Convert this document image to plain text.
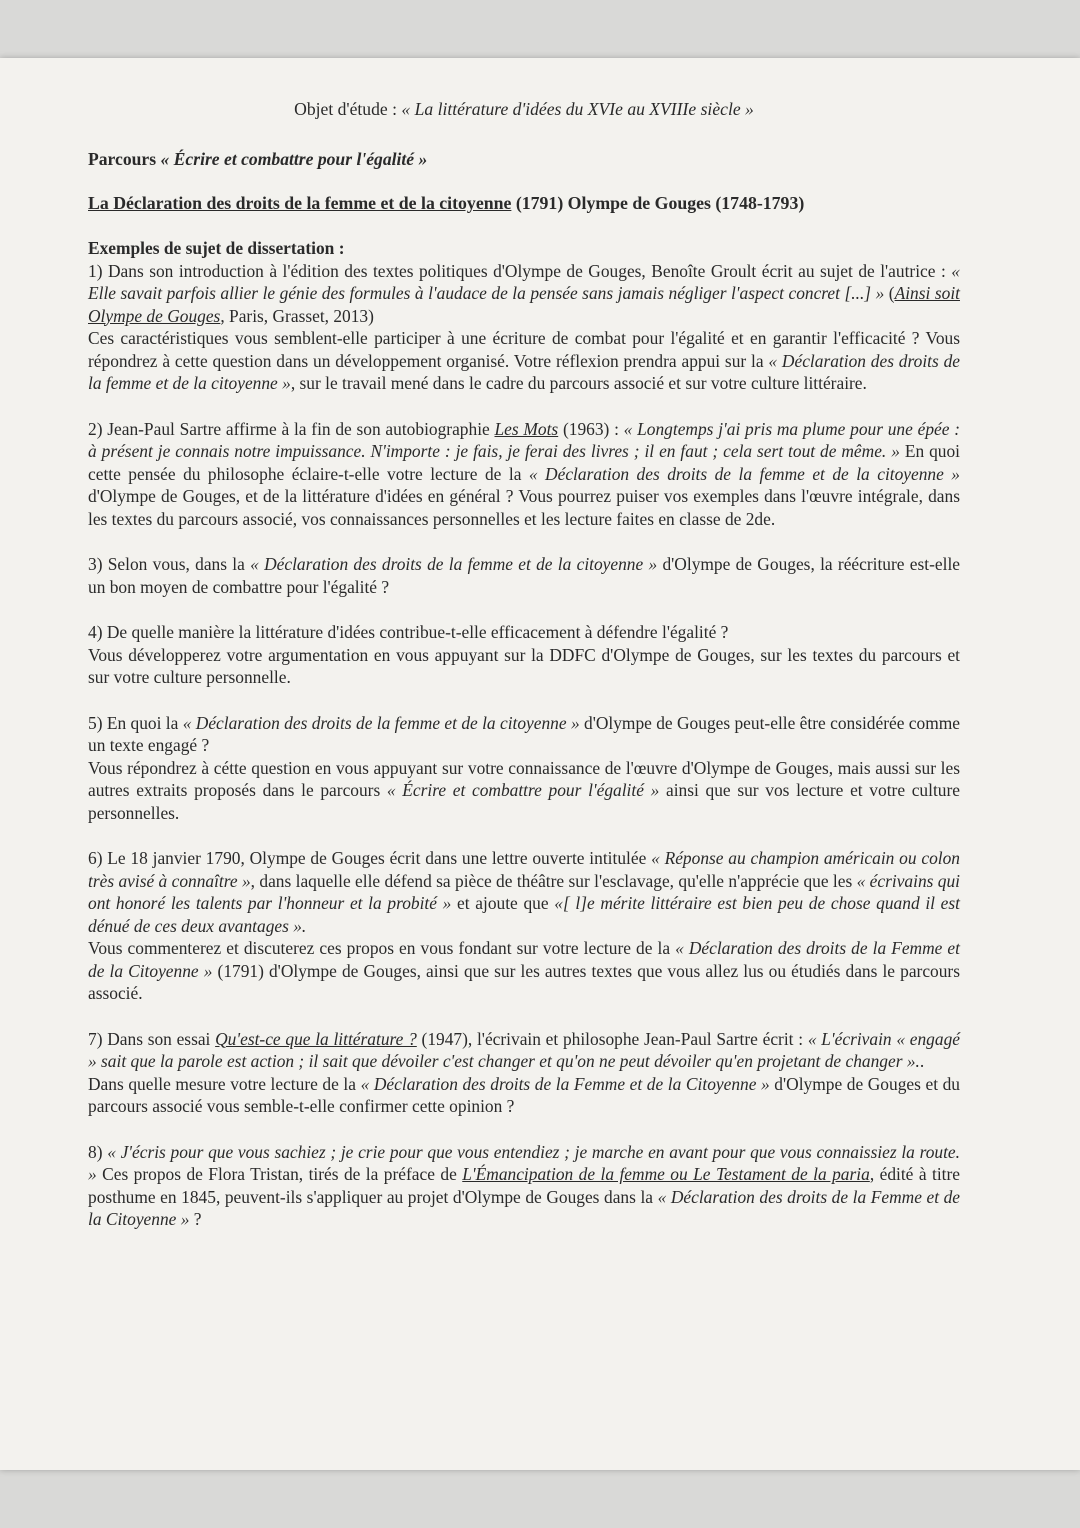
Objet d'étude : « La littérature d'idées du XVIe au XVIIIe siècle »

Parcours « Écrire et combattre pour l'égalité »

La Déclaration des droits de la femme et de la citoyenne (1791) Olympe de Gouges (1748-1793)

Exemples de sujet de dissertation :

1) Dans son introduction à l'édition des textes politiques d'Olympe de Gouges, Benoîte Groult écrit au sujet de l'autrice : « Elle savait parfois allier le génie des formules à l'audace de la pensée sans jamais négliger l'aspect concret [...] » (Ainsi soit Olympe de Gouges, Paris, Grasset, 2013)
Ces caractéristiques vous semblent-elle participer à une écriture de combat pour l'égalité et en garantir l'efficacité ? Vous répondrez à cette question dans un développement organisé. Votre réflexion prendra appui sur la « Déclaration des droits de la femme et de la citoyenne », sur le travail mené dans le cadre du parcours associé et sur votre culture littéraire.

2) Jean-Paul Sartre affirme à la fin de son autobiographie Les Mots (1963) : « Longtemps j'ai pris ma plume pour une épée : à présent je connais notre impuissance. N'importe : je fais, je ferai des livres ; il en faut ; cela sert tout de même. » En quoi cette pensée du philosophe éclaire-t-elle votre lecture de la « Déclaration des droits de la femme et de la citoyenne » d'Olympe de Gouges, et de la littérature d'idées en général ? Vous pourrez puiser vos exemples dans l'œuvre intégrale, dans les textes du parcours associé, vos connaissances personnelles et les lecture faites en classe de 2de.

3) Selon vous, dans la « Déclaration des droits de la femme et de la citoyenne » d'Olympe de Gouges, la réécriture est-elle un bon moyen de combattre pour l'égalité ?

4) De quelle manière la littérature d'idées contribue-t-elle efficacement à défendre l'égalité ?
Vous développerez votre argumentation en vous appuyant sur la DDFC d'Olympe de Gouges, sur les textes du parcours et sur votre culture personnelle.

5) En quoi la « Déclaration des droits de la femme et de la citoyenne » d'Olympe de Gouges peut-elle être considérée comme un texte engagé ?
Vous répondrez à cétte question en vous appuyant sur votre connaissance de l'œuvre d'Olympe de Gouges, mais aussi sur les autres extraits proposés dans le parcours « Écrire et combattre pour l'égalité » ainsi que sur vos lecture et votre culture personnelles.

6) Le 18 janvier 1790, Olympe de Gouges écrit dans une lettre ouverte intitulée « Réponse au champion américain ou colon très avisé à connaître », dans laquelle elle défend sa pièce de théâtre sur l'esclavage, qu'elle n'apprécie que les « écrivains qui ont honoré les talents par l'honneur et la probité » et ajoute que «[ l]e mérite littéraire est bien peu de chose quand il est dénué de ces deux avantages ».
Vous commenterez et discuterez ces propos en vous fondant sur votre lecture de la « Déclaration des droits de la Femme et de la Citoyenne » (1791) d'Olympe de Gouges, ainsi que sur les autres textes que vous allez lus ou étudiés dans le parcours associé.

7) Dans son essai Qu'est-ce que la littérature ? (1947), l'écrivain et philosophe Jean-Paul Sartre écrit : « L'écrivain « engagé » sait que la parole est action ; il sait que dévoiler c'est changer et qu'on ne peut dévoiler qu'en projetant de changer »..
Dans quelle mesure votre lecture de la « Déclaration des droits de la Femme et de la Citoyenne » d'Olympe de Gouges et du parcours associé vous semble-t-elle confirmer cette opinion ?

8) « J'écris pour que vous sachiez ; je crie pour que vous entendiez ; je marche en avant pour que vous connaissiez la route. » Ces propos de Flora Tristan, tirés de la préface de L'Émancipation de la femme ou Le Testament de la paria, édité à titre posthume en 1845, peuvent-ils s'appliquer au projet d'Olympe de Gouges dans la « Déclaration des droits de la Femme et de la Citoyenne » ?
